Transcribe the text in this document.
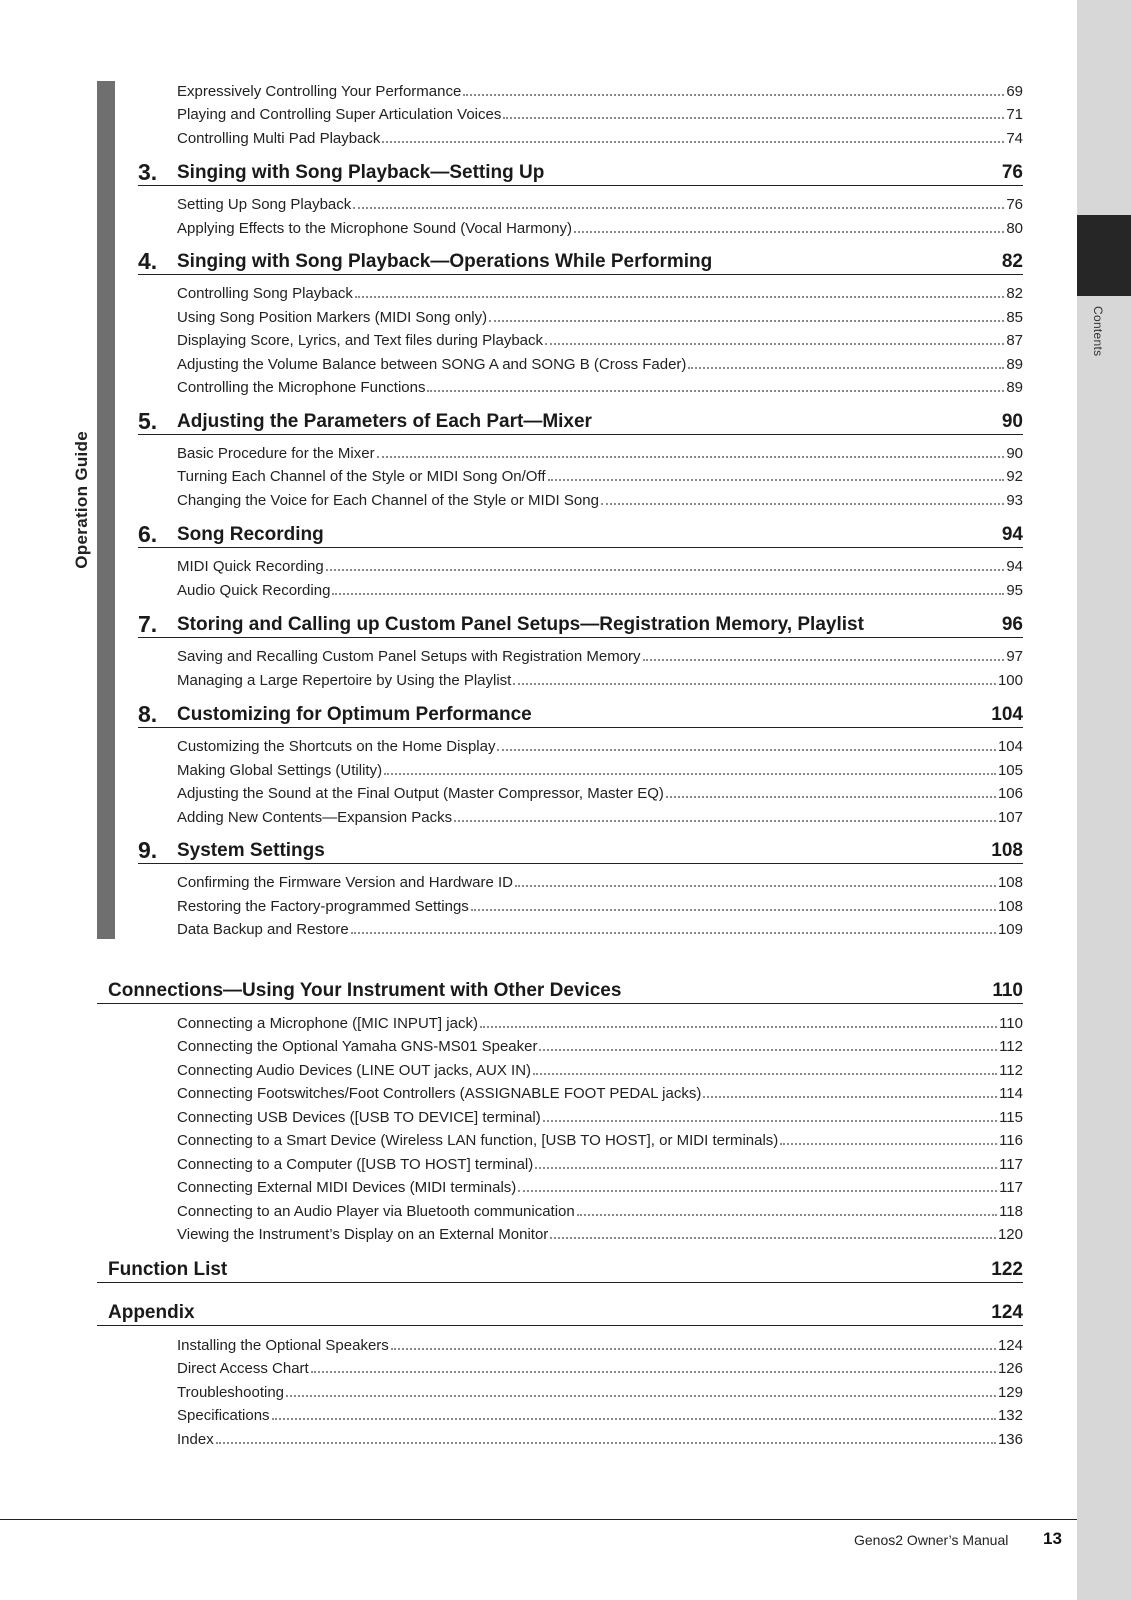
Contents
Operation Guide
Expressively Controlling Your Performance	69
Playing and Controlling Super Articulation Voices	71
Controlling Multi Pad Playback	74
3.	Singing with Song Playback—Setting Up	76
Setting Up Song Playback	76
Applying Effects to the Microphone Sound (Vocal Harmony)	80
4.	Singing with Song Playback—Operations While Performing	82
Controlling Song Playback	82
Using Song Position Markers (MIDI Song only)	85
Displaying Score, Lyrics, and Text files during Playback	87
Adjusting the Volume Balance between SONG A and SONG B (Cross Fader)	89
Controlling the Microphone Functions	89
5.	Adjusting the Parameters of Each Part—Mixer	90
Basic Procedure for the Mixer	90
Turning Each Channel of the Style or MIDI Song On/Off	92
Changing the Voice for Each Channel of the Style or MIDI Song	93
6.	Song Recording	94
MIDI Quick Recording	94
Audio Quick Recording	95
7.	Storing and Calling up Custom Panel Setups—Registration Memory, Playlist	96
Saving and Recalling Custom Panel Setups with Registration Memory	97
Managing a Large Repertoire by Using the Playlist	100
8.	Customizing for Optimum Performance	104
Customizing the Shortcuts on the Home Display	104
Making Global Settings (Utility)	105
Adjusting the Sound at the Final Output (Master Compressor, Master EQ)	106
Adding New Contents—Expansion Packs	107
9.	System Settings	108
Confirming the Firmware Version and Hardware ID	108
Restoring the Factory-programmed Settings	108
Data Backup and Restore	109
Connections—Using Your Instrument with Other Devices	110
Connecting a Microphone ([MIC INPUT] jack)	110
Connecting the Optional Yamaha GNS-MS01 Speaker	112
Connecting Audio Devices (LINE OUT jacks, AUX IN)	112
Connecting Footswitches/Foot Controllers (ASSIGNABLE FOOT PEDAL jacks)	114
Connecting USB Devices ([USB TO DEVICE] terminal)	115
Connecting to a Smart Device (Wireless LAN function, [USB TO HOST], or MIDI terminals)	116
Connecting to a Computer ([USB TO HOST] terminal)	117
Connecting External MIDI Devices (MIDI terminals)	117
Connecting to an Audio Player via Bluetooth communication	118
Viewing the Instrument’s Display on an External Monitor	120
Function List	122
Appendix	124
Installing the Optional Speakers	124
Direct Access Chart	126
Troubleshooting	129
Specifications	132
Index	136
Genos2 Owner’s Manual 13
